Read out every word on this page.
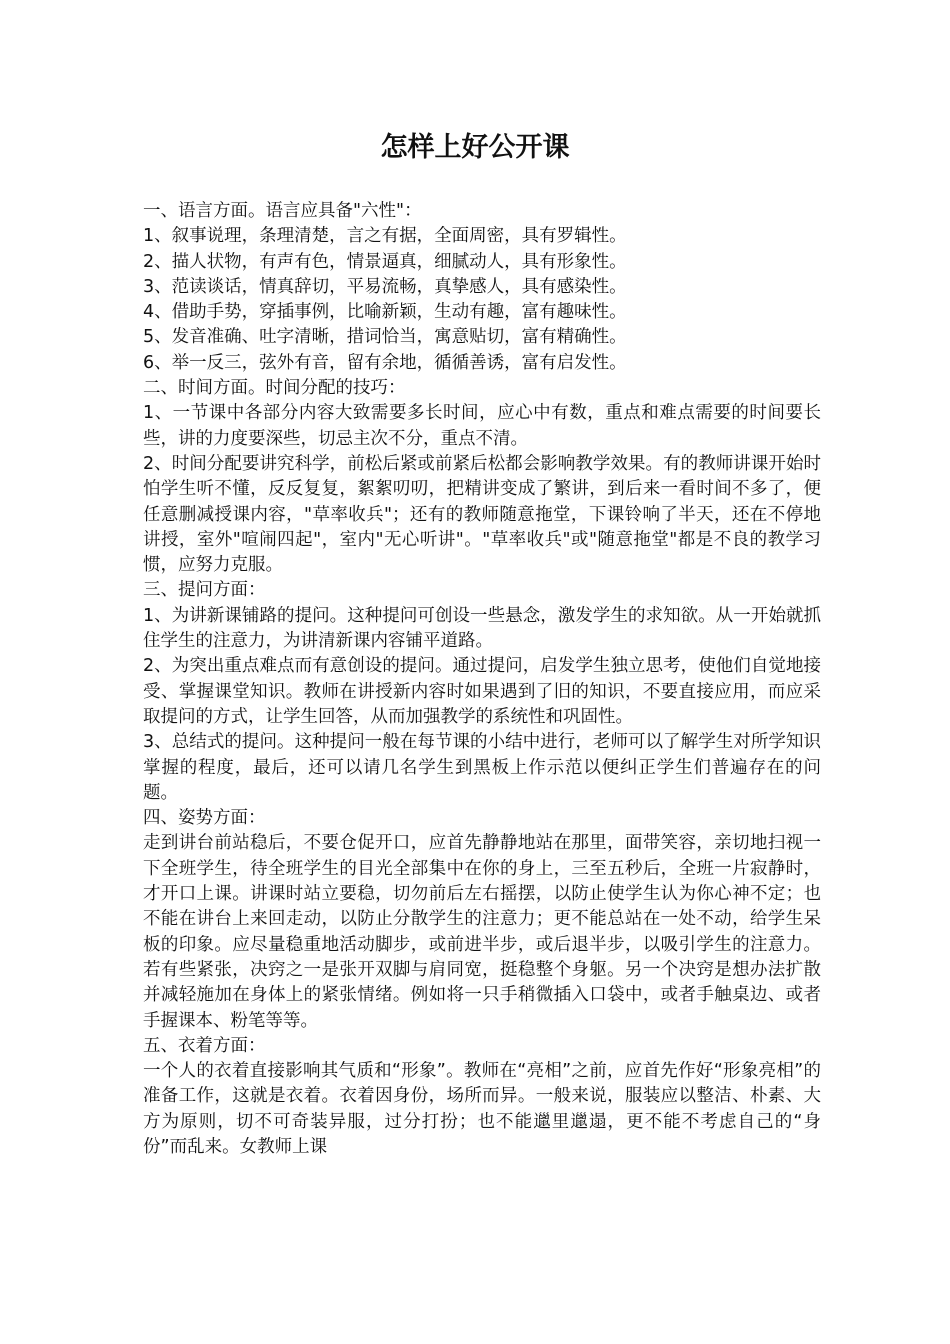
怎样上好公开课

一、语言方面。语言应具备"六性"：

1、叙事说理，条理清楚，言之有据，全面周密，具有罗辑性。

2、描人状物，有声有色，情景逼真，细腻动人，具有形象性。

3、范读谈话，情真辞切，平易流畅，真挚感人，具有感染性。

4、借助手势，穿插事例，比喻新颖，生动有趣，富有趣味性。

5、发音准确、吐字清晰，措词恰当，寓意贴切，富有精确性。

6、举一反三，弦外有音，留有余地，循循善诱，富有启发性。

二、时间方面。时间分配的技巧：

1、一节课中各部分内容大致需要多长时间，应心中有数，重点和难点需要的时间要长些，讲的力度要深些，切忌主次不分，重点不清。

2、时间分配要讲究科学，前松后紧或前紧后松都会影响教学效果。有的教师讲课开始时怕学生听不懂，反反复复，絮絮叨叨，把精讲变成了繁讲，到后来一看时间不多了，便任意删减授课内容，"草率收兵"；还有的教师随意拖堂，下课铃响了半天，还在不停地讲授，室外"喧闹四起"，室内"无心听讲"。"草率收兵"或"随意拖堂"都是不良的教学习惯，应努力克服。

三、提问方面：

1、为讲新课铺路的提问。这种提问可创设一些悬念，激发学生的求知欲。从一开始就抓住学生的注意力，为讲清新课内容铺平道路。

2、为突出重点难点而有意创设的提问。通过提问，启发学生独立思考，使他们自觉地接受、掌握课堂知识。教师在讲授新内容时如果遇到了旧的知识，不要直接应用，而应采取提问的方式，让学生回答，从而加强教学的系统性和巩固性。

3、总结式的提问。这种提问一般在每节课的小结中进行，老师可以了解学生对所学知识掌握的程度，最后，还可以请几名学生到黑板上作示范以便纠正学生们普遍存在的问题。

四、姿势方面：

走到讲台前站稳后，不要仓促开口，应首先静静地站在那里，面带笑容，亲切地扫视一下全班学生，待全班学生的目光全部集中在你的身上，三至五秒后，全班一片寂静时，才开口上课。讲课时站立要稳，切勿前后左右摇摆，以防止使学生认为你心神不定；也不能在讲台上来回走动，以防止分散学生的注意力；更不能总站在一处不动，给学生呆板的印象。应尽量稳重地活动脚步，或前进半步，或后退半步，以吸引学生的注意力。若有些紧张，决窍之一是张开双脚与肩同宽，挺稳整个身躯。另一个决窍是想办法扩散并减轻施加在身体上的紧张情绪。例如将一只手稍微插入口袋中，或者手触桌边、或者手握课本、粉笔等等。

五、衣着方面：

一个人的衣着直接影响其气质和“形象”。教师在“亮相”之前，应首先作好“形象亮相”的准备工作，这就是衣着。衣着因身份，场所而异。一般来说，服装应以整洁、朴素、大方为原则，切不可奇装异服，过分打扮；也不能邋里邋遢，更不能不考虑自己的“身份”而乱来。女教师上课
